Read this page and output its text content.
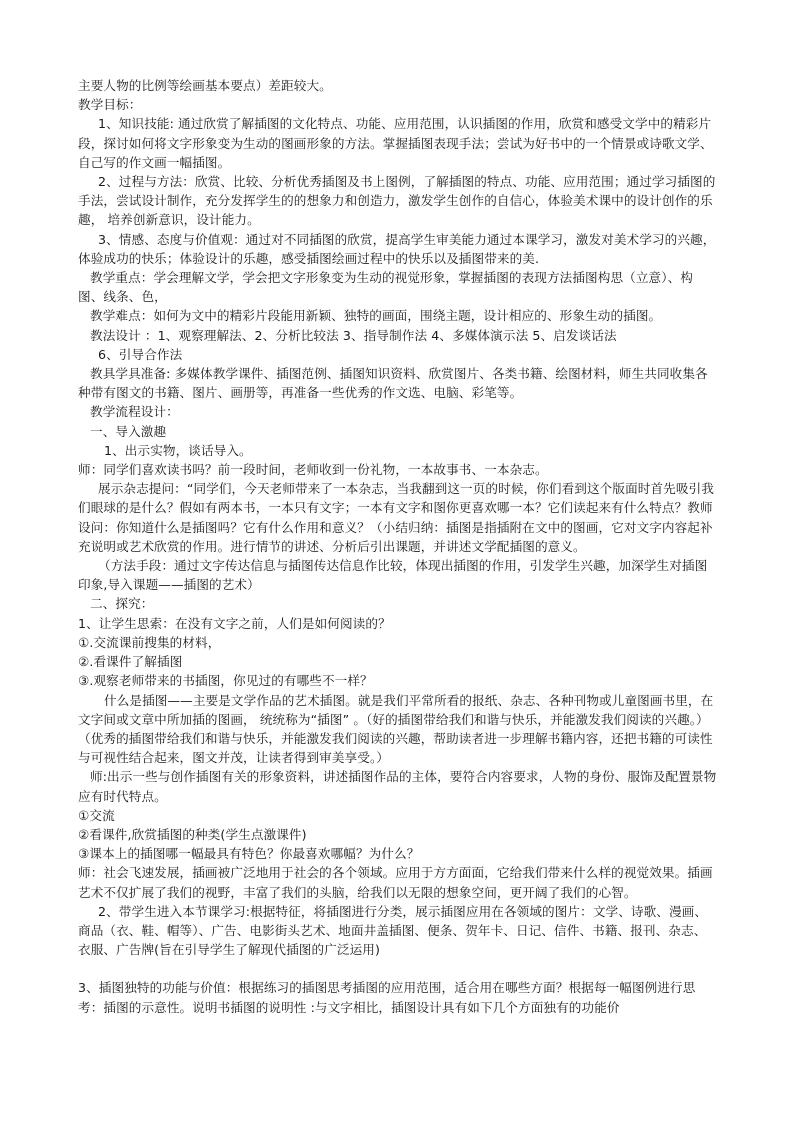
主要人物的比例等绘画基本要点）差距较大。

教学目标：

1、知识技能: 通过欣赏了解插图的文化特点、功能、应用范围，认识插图的作用，欣赏和感受文学中的精彩片段，探讨如何将文字形象变为生动的图画形象的方法。掌握插图表现手法；尝试为好书中的一个情景或诗歌文学、自己写的作文画一幅插图。

2、过程与方法：欣赏、比较、分析优秀插图及书上图例，了解插图的特点、功能、应用范围；通过学习插图的手法，尝试设计制作，充分发挥学生的的想象力和创造力，激发学生创作的自信心，体验美术课中的设计创作的乐趣， 培养创新意识，设计能力。

3、情感、态度与价值观：通过对不同插图的欣赏，提高学生审美能力通过本课学习，激发对美术学习的兴趣，体验成功的快乐；体验设计的乐趣，感受插图绘画过程中的快乐以及插图带来的美.

教学重点：学会理解文学，学会把文字形象变为生动的视觉形象，掌握插图的表现方法插图构思（立意）、构图、线条、色，

教学难点：如何为文中的精彩片段能用新颖、独特的画面，围绕主题，设计相应的、形象生动的插图。

教法设计 ：1、观察理解法、2、分析比较法 3、指导制作法 4、多媒体演示法 5、启发谈话法

6、引导合作法

教具学具准备: 多媒体教学课件、插图范例、插图知识资料、欣赏图片、各类书籍、绘图材料，师生共同收集各种带有图文的书籍、图片、画册等，再准备一些优秀的作文选、电脑、彩笔等。

教学流程设计：

一、导入激趣

1、出示实物，谈话导入。

师：同学们喜欢读书吗？前一段时间，老师收到一份礼物，一本故事书、一本杂志。

展示杂志提问：“同学们，今天老师带来了一本杂志，当我翻到这一页的时候，你们看到这个版面时首先吸引我们眼球的是什么？假如有两本书，一本只有文字；一本有文字和图你更喜欢哪一本？它们读起来有什么特点？教师设问：你知道什么是插图吗？它有什么作用和意义？（小结归纳：插图是指插附在文中的图画，它对文字内容起补充说明或艺术欣赏的作用。进行情节的讲述、分析后引出课题，并讲述文学配插图的意义。

（方法手段：通过文字传达信息与插图传达信息作比较，体现出插图的作用，引发学生兴趣，加深学生对插图印象,导入课题——插图的艺术）

二、探究：

1、让学生思索：在没有文字之前，人们是如何阅读的？

①.交流课前搜集的材料，

②.看课件了解插图

③.观察老师带来的书插图，你见过的有哪些不一样？

什么是插图——主要是文学作品的艺术插图。就是我们平常所看的报纸、杂志、各种刊物或儿童图画书里，在文字间或文章中所加插的图画， 统统称为“插图” 。（好的插图带给我们和谐与快乐，并能激发我们阅读的兴趣。）（优秀的插图带给我们和谐与快乐，并能激发我们阅读的兴趣，帮助读者进一步理解书籍内容，还把书籍的可读性与可视性结合起来，图文并茂，让读者得到审美享受。）

师:出示一些与创作插图有关的形象资料，讲述插图作品的主体，要符合内容要求，人物的身份、服饰及配置景物应有时代特点。

①交流

②看课件,欣赏插图的种类(学生点激课件)

③课本上的插图哪一幅最具有特色？你最喜欢哪幅？为什么？

师：社会飞速发展，插画被广泛地用于社会的各个领域。应用于方方面面，它给我们带来什么样的视觉效果。插画艺术不仅扩展了我们的视野，丰富了我们的头脑，给我们以无限的想象空间，更开阔了我们的心智。

2、带学生进入本节课学习:根据特征，将插图进行分类，展示插图应用在各领域的图片：文学、诗歌、漫画、商品（衣、鞋、帽等）、广告、电影街头艺术、地面井盖插图、便条、贺年卡、日记、信件、书籍、报刊、杂志、衣服、广告牌(旨在引导学生了解现代插图的广泛运用)

3、插图独特的功能与价值：根据练习的插图思考插图的应用范围，适合用在哪些方面？根据每一幅图例进行思考：插图的示意性。说明书插图的说明性 :与文字相比，插图设计具有如下几个方面独有的功能价
